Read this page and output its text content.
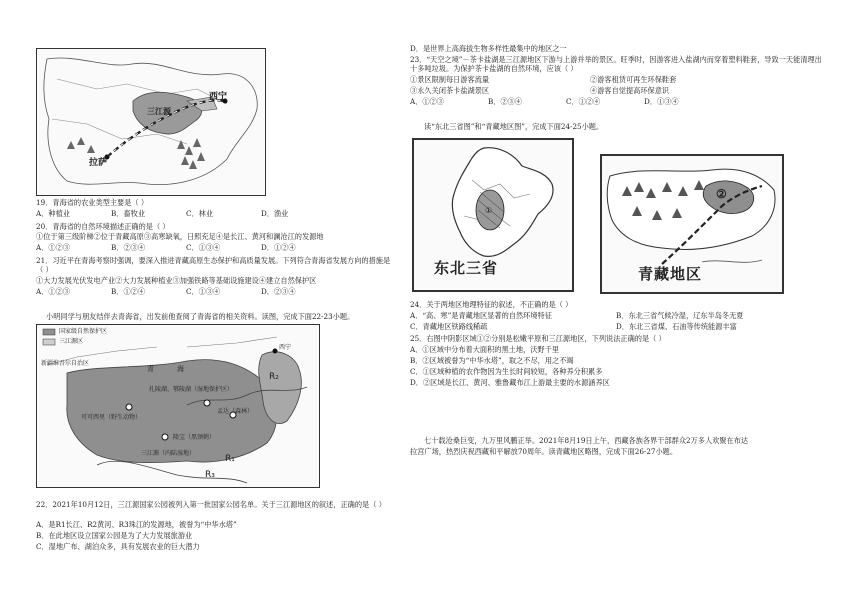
三江源
西宁
拉萨
19．青海省的农业类型主要是（ ）
A．种植业	B．畜牧业	C．林业	D．渔业
20．青海省的自然环境描述正确的是（ ）
①位于第三级阶梯②位于青藏高原③高寒缺氧，日照充足④是长江、黄河和澜沧江的发源地
A．①②③	B．②③④	C．①③④	D．①②④
21．习近平在青海考察时强调，要深入推进青藏高原生态保护和高质量发展。下列符合青海省发展方向的措施是（ ）
①大力发展光伏发电产业②大力发展种植业③加强铁路等基础设施建设④建立自然保护区
A．①②③	B．①②④	C．①③④	D．②③④
小明同学与朋友结伴去青海省，出发前他查阅了青海省的相关资料。读图，完成下面22-23小题。
国家级自然保护区
三江源区
新疆维吾尔自治区
可可西里（野生动物）
扎陵湖、鄂陵湖（湿地保护区）
孟达（森林）
隆宝（黑颈鹤）
三江源（内陆湿地）
西宁
R₁
R₂
R₃
青	海
22．2021年10月12日，三江源国家公园被列入第一批国家公园名单。关于三江源地区的叙述，正确的是（ ）
A．是R1长江、R2黄河、R3珠江的发源地，被誉为“中华水塔”
B．在此地区设立国家公园是为了大力发展旅游业
C．湿地广布、湖泊众多，具有发展农业的巨大潜力
D．是世界上高海拔生物多样性最集中的地区之一
23．“天空之境”－茶卡盐湖是三江源地区下游与上游并举的景区。旺季时，因游客进入盐湖内而穿着塑料鞋套，导致一天能清理出十多吨垃圾。为保护茶卡盐湖的自然环境，应该（ ）
①景区限制每日游客流量	②游客租赁可再生环保鞋套
③永久关闭茶卡盐湖景区	④游客自觉提高环保意识
A．①②③	B．②③④	C．①②④	D．①③④
读“东北三省图”和“青藏地区图”，完成下面24-25小题。
①
东北三省
②
青藏地区
24．关于两地区地理特征的叙述，不正确的是（ ）
A．“高、寒”是青藏地区显著的自然环境特征	B．东北三省气候冷湿，辽东半岛冬无夏
C．青藏地区铁路线稀疏	D．东北三省煤、石油等传统能源丰富
25．右图中阴影区域①②分别是松嫩平原和三江源地区，下列说法正确的是（ ）
A．①区域中分布着大面积的黑土地，沃野千里
B．②区域被誉为“中华水塔”，取之不尽，用之不竭
C．①区域种植的农作物因为生长时间较短，各种养分积累多
D．②区域是长江、黄河、雅鲁藏布江上游最主要的水源涵养区
七十载沧桑巨变，九万里风鹏正举。2021年8月19日上午，西藏各族各界干部群众2万多人欢聚在布达
拉宫广场，热烈庆祝西藏和平解放70周年。读青藏地区略图，完成下面26-27小题。
